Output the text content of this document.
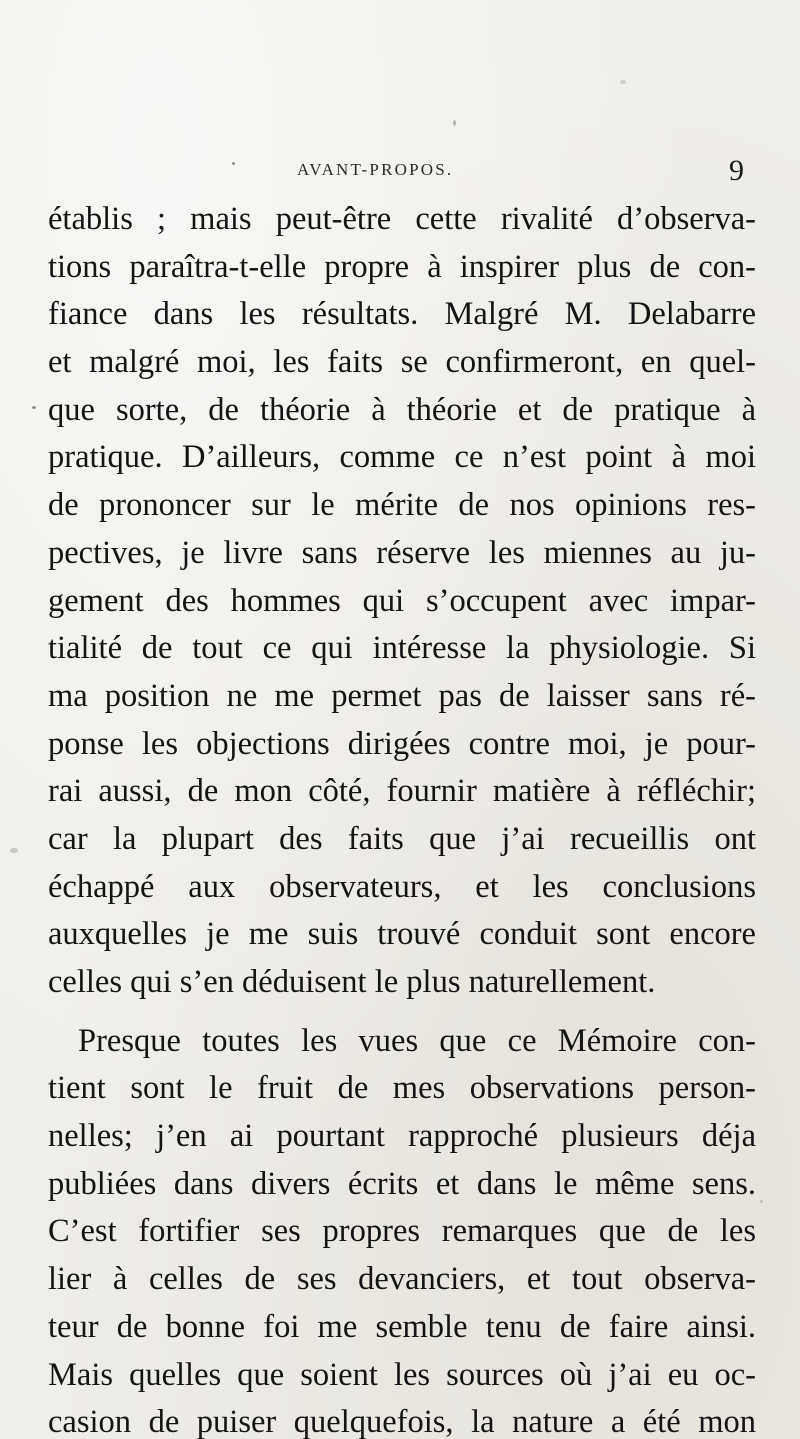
AVANT-PROPOS.	9
établis ; mais peut-être cette rivalité d’observa-
tions paraîtra-t-elle propre à inspirer plus de con-
fiance dans les résultats. Malgré M. Delabarre
et malgré moi, les faits se confirmeront, en quel-
que sorte, de théorie à théorie et de pratique à
pratique. D’ailleurs, comme ce n’est point à moi
de prononcer sur le mérite de nos opinions res-
pectives, je livre sans réserve les miennes au ju-
gement des hommes qui s’occupent avec impar-
tialité de tout ce qui intéresse la physiologie. Si
ma position ne me permet pas de laisser sans ré-
ponse les objections dirigées contre moi, je pour-
rai aussi, de mon côté, fournir matière à réfléchir;
car la plupart des faits que j’ai recueillis ont
échappé aux observateurs, et les conclusions
auxquelles je me suis trouvé conduit sont encore
celles qui s’en déduisent le plus naturellement.
Presque toutes les vues que ce Mémoire con-
tient sont le fruit de mes observations person-
nelles; j’en ai pourtant rapproché plusieurs déja
publiées dans divers écrits et dans le même sens.
C’est fortifier ses propres remarques que de les
lier à celles de ses devanciers, et tout observa-
teur de bonne foi me semble tenu de faire ainsi.
Mais quelles que soient les sources où j’ai eu oc-
casion de puiser quelquefois, la nature a été mon
